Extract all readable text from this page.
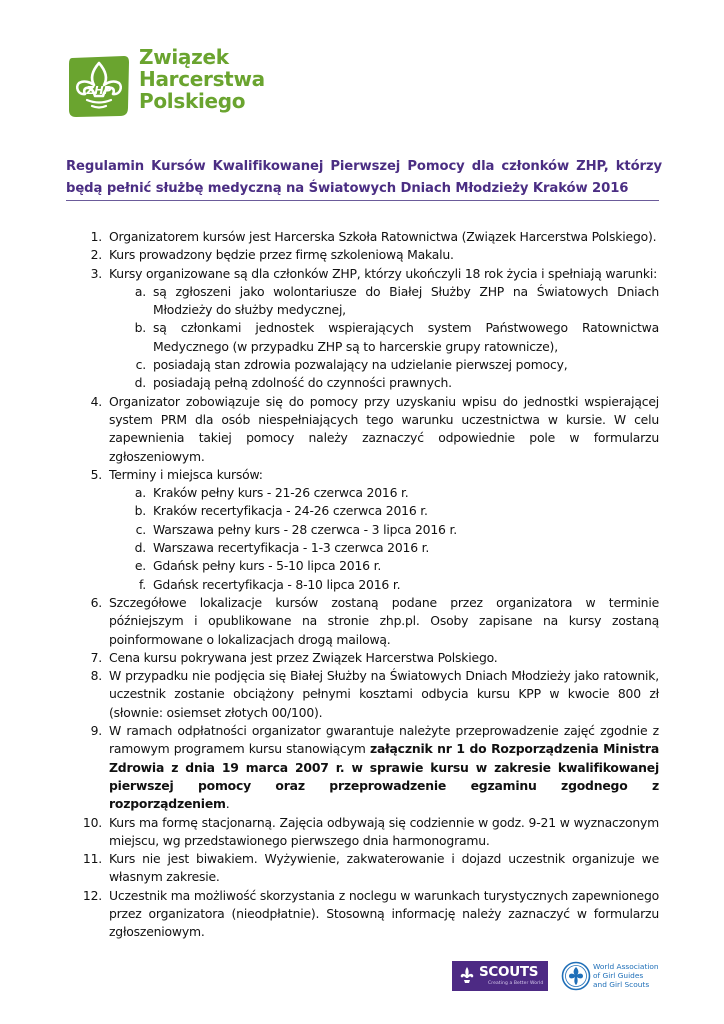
ZHP
Związek
Harcerstwa
Polskiego
Regulamin Kursów Kwalifikowanej Pierwszej Pomocy dla członków ZHP, którzy będą pełnić służbę medyczną na Światowych Dniach Młodzieży Kraków 2016
1. Organizatorem kursów jest Harcerska Szkoła Ratownictwa (Związek Harcerstwa Polskiego).
2. Kurs prowadzony będzie przez firmę szkoleniową Makalu.
3. Kursy organizowane są dla członków ZHP, którzy ukończyli 18 rok życia i spełniają warunki:
a. są zgłoszeni jako wolontariusze do Białej Służby ZHP na Światowych Dniach Młodzieży do służby medycznej,
b. są członkami jednostek wspierających system Państwowego Ratownictwa Medycznego (w przypadku ZHP są to harcerskie grupy ratownicze),
c. posiadają stan zdrowia pozwalający na udzielanie pierwszej pomocy,
d. posiadają pełną zdolność do czynności prawnych.
4. Organizator zobowiązuje się do pomocy przy uzyskaniu wpisu do jednostki wspierającej system PRM dla osób niespełniających tego warunku uczestnictwa w kursie. W celu zapewnienia takiej pomocy należy zaznaczyć odpowiednie pole w formularzu zgłoszeniowym.
5. Terminy i miejsca kursów:
a. Kraków pełny kurs - 21-26 czerwca 2016 r.
b. Kraków recertyfikacja - 24-26 czerwca 2016 r.
c. Warszawa pełny kurs - 28 czerwca - 3 lipca 2016 r.
d. Warszawa recertyfikacja - 1-3 czerwca 2016 r.
e. Gdańsk pełny kurs - 5-10 lipca 2016 r.
f. Gdańsk recertyfikacja - 8-10 lipca 2016 r.
6. Szczegółowe lokalizacje kursów zostaną podane przez organizatora w terminie późniejszym i opublikowane na stronie zhp.pl. Osoby zapisane na kursy zostaną poinformowane o lokalizacjach drogą mailową.
7. Cena kursu pokrywana jest przez Związek Harcerstwa Polskiego.
8. W przypadku nie podjęcia się Białej Służby na Światowych Dniach Młodzieży jako ratownik, uczestnik zostanie obciążony pełnymi kosztami odbycia kursu KPP w kwocie 800 zł (słownie: osiemset złotych 00/100).
9. W ramach odpłatności organizator gwarantuje należyte przeprowadzenie zajęć zgodnie z ramowym programem kursu stanowiącym załącznik nr 1 do Rozporządzenia Ministra Zdrowia z dnia 19 marca 2007 r. w sprawie kursu w zakresie kwalifikowanej pierwszej pomocy oraz przeprowadzenie egzaminu zgodnego z rozporządzeniem.
10. Kurs ma formę stacjonarną. Zajęcia odbywają się codziennie w godz. 9-21 w wyznaczonym miejscu, wg przedstawionego pierwszego dnia harmonogramu.
11. Kurs nie jest biwakiem. Wyżywienie, zakwaterowanie i dojazd uczestnik organizuje we własnym zakresie.
12. Uczestnik ma możliwość skorzystania z noclegu w warunkach turystycznych zapewnionego przez organizatora (nieodpłatnie). Stosowną informację należy zaznaczyć w formularzu zgłoszeniowym.
SCOUTS
Creating a Better World
World Association
of Girl Guides
and Girl Scouts
